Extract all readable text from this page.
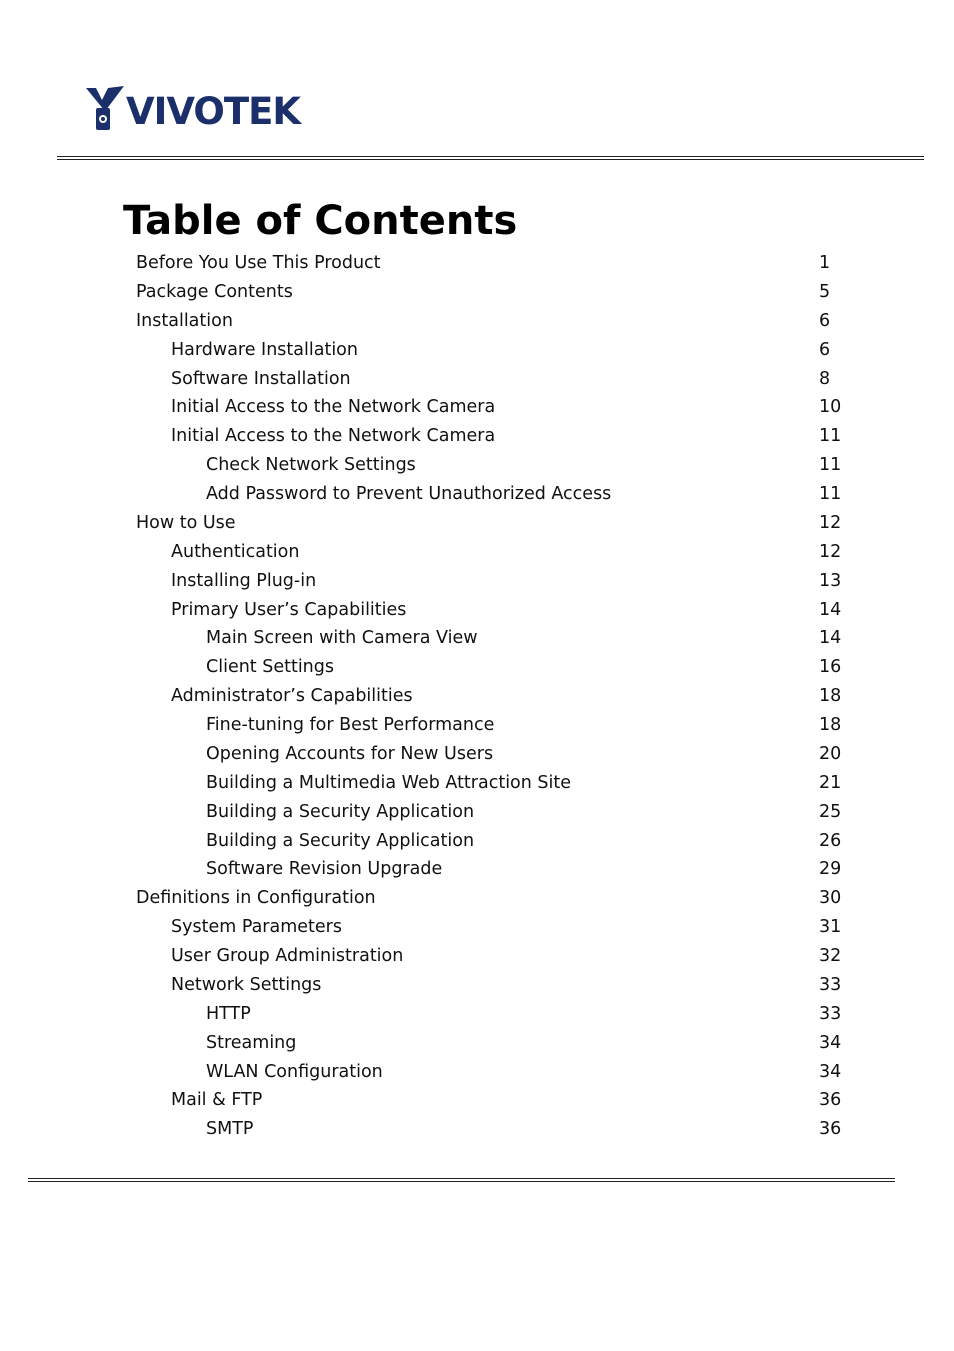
VIVOTEK
Table of Contents
Before You Use This Product	1
Package Contents	5
Installation	6
Hardware Installation	6
Software Installation	8
Initial Access to the Network Camera	10
Initial Access to the Network Camera	11
Check Network Settings	11
Add Password to Prevent Unauthorized Access	11
How to Use	12
Authentication	12
Installing Plug-in	13
Primary User’s Capabilities	14
Main Screen with Camera View	14
Client Settings	16
Administrator’s Capabilities	18
Fine-tuning for Best Performance	18
Opening Accounts for New Users	20
Building a Multimedia Web Attraction Site	21
Building a Security Application	25
Building a Security Application	26
Software Revision Upgrade	29
Definitions in Configuration	30
System Parameters	31
User Group Administration	32
Network Settings	33
HTTP	33
Streaming	34
WLAN Configuration	34
Mail & FTP	36
SMTP	36
